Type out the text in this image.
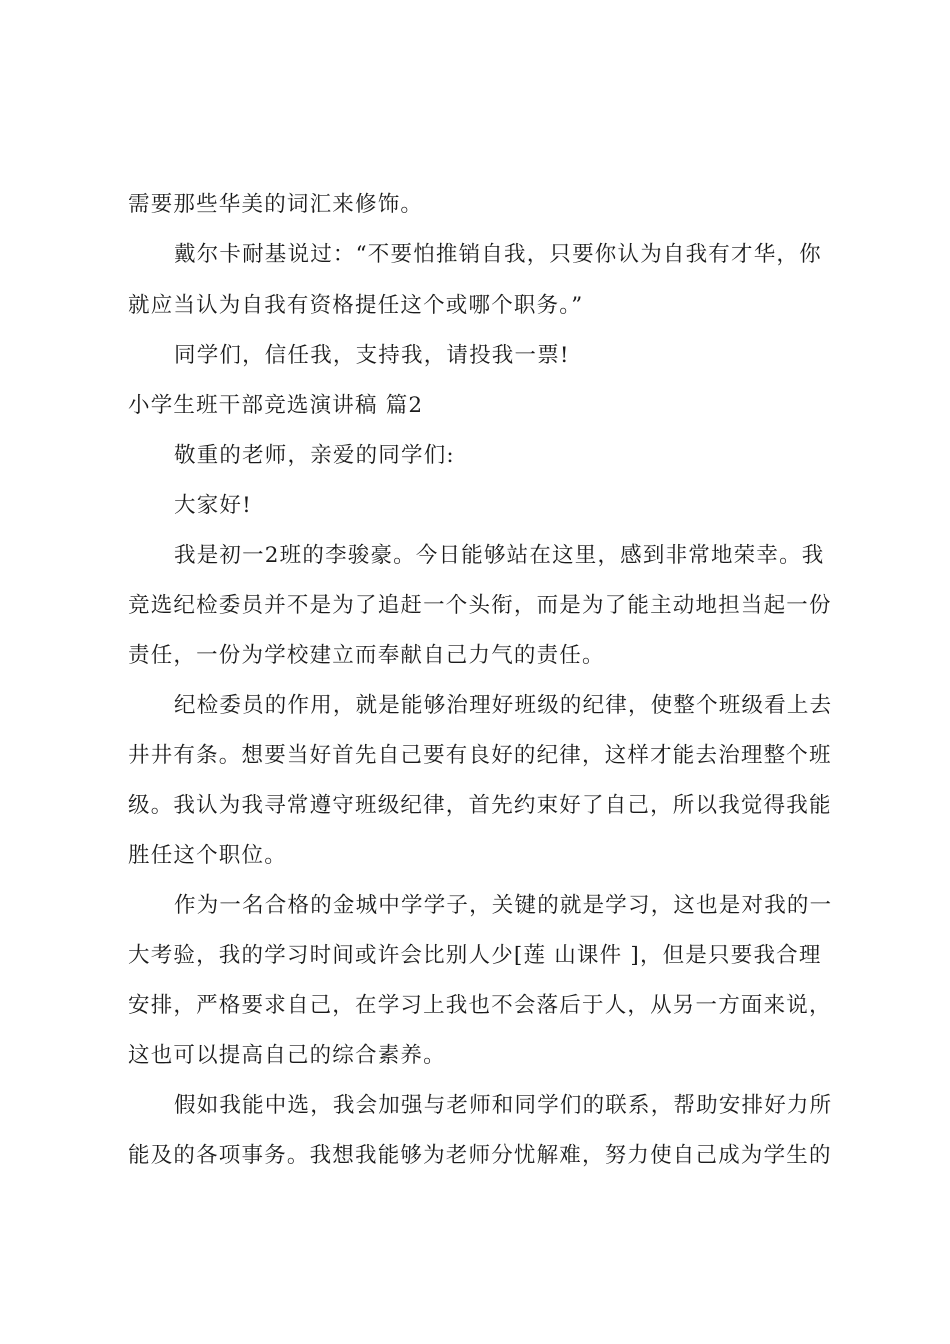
需要那些华美的词汇来修饰。

戴尔卡耐基说过：“不要怕推销自我，只要你认为自我有才华，你

就应当认为自我有资格提任这个或哪个职务。”

同学们，信任我，支持我，请投我一票!

小学生班干部竞选演讲稿 篇2

敬重的老师，亲爱的同学们:

大家好!

我是初一2班的李骏豪。今日能够站在这里，感到非常地荣幸。我

竞选纪检委员并不是为了追赶一个头衔，而是为了能主动地担当起一份

责任，一份为学校建立而奉献自己力气的责任。

纪检委员的作用，就是能够治理好班级的纪律，使整个班级看上去

井井有条。想要当好首先自己要有良好的纪律，这样才能去治理整个班

级。我认为我寻常遵守班级纪律，首先约束好了自己，所以我觉得我能

胜任这个职位。

作为一名合格的金城中学学子，关键的就是学习，这也是对我的一

大考验，我的学习时间或许会比别人少[莲 山课件 ]，但是只要我合理

安排，严格要求自己，在学习上我也不会落后于人，从另一方面来说，

这也可以提高自己的综合素养。

假如我能中选，我会加强与老师和同学们的联系，帮助安排好力所

能及的各项事务。我想我能够为老师分忧解难，努力使自己成为学生的
